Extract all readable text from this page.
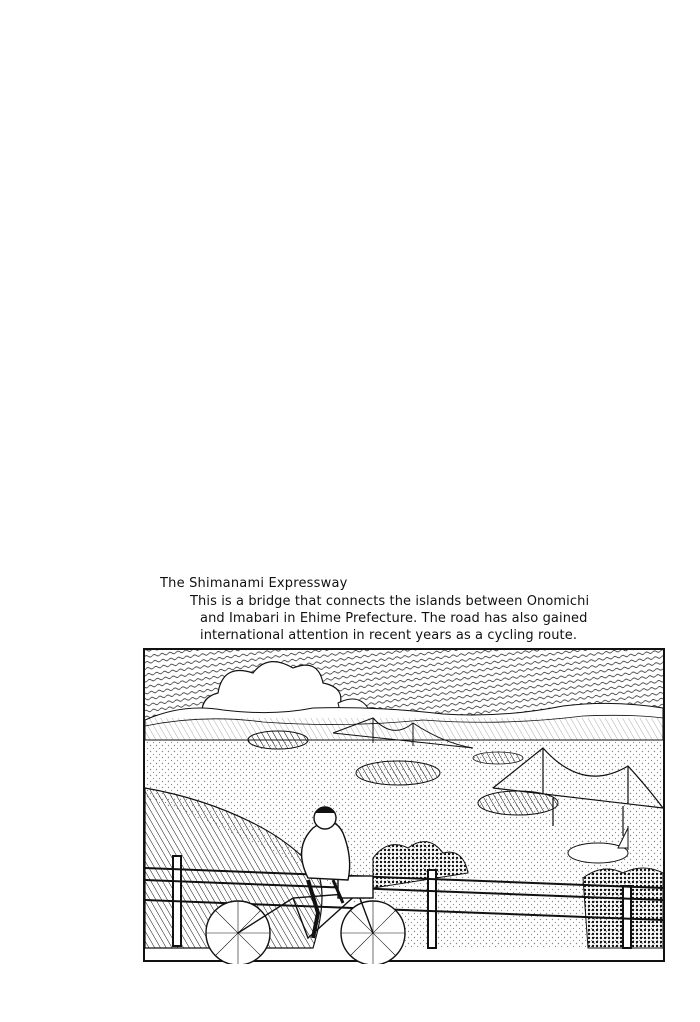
The Shimanami Expressway

This is a bridge that connects the islands between Onomichi
and Imabari in Ehime Prefecture. The road has also gained
international attention in recent years as a cycling route.
